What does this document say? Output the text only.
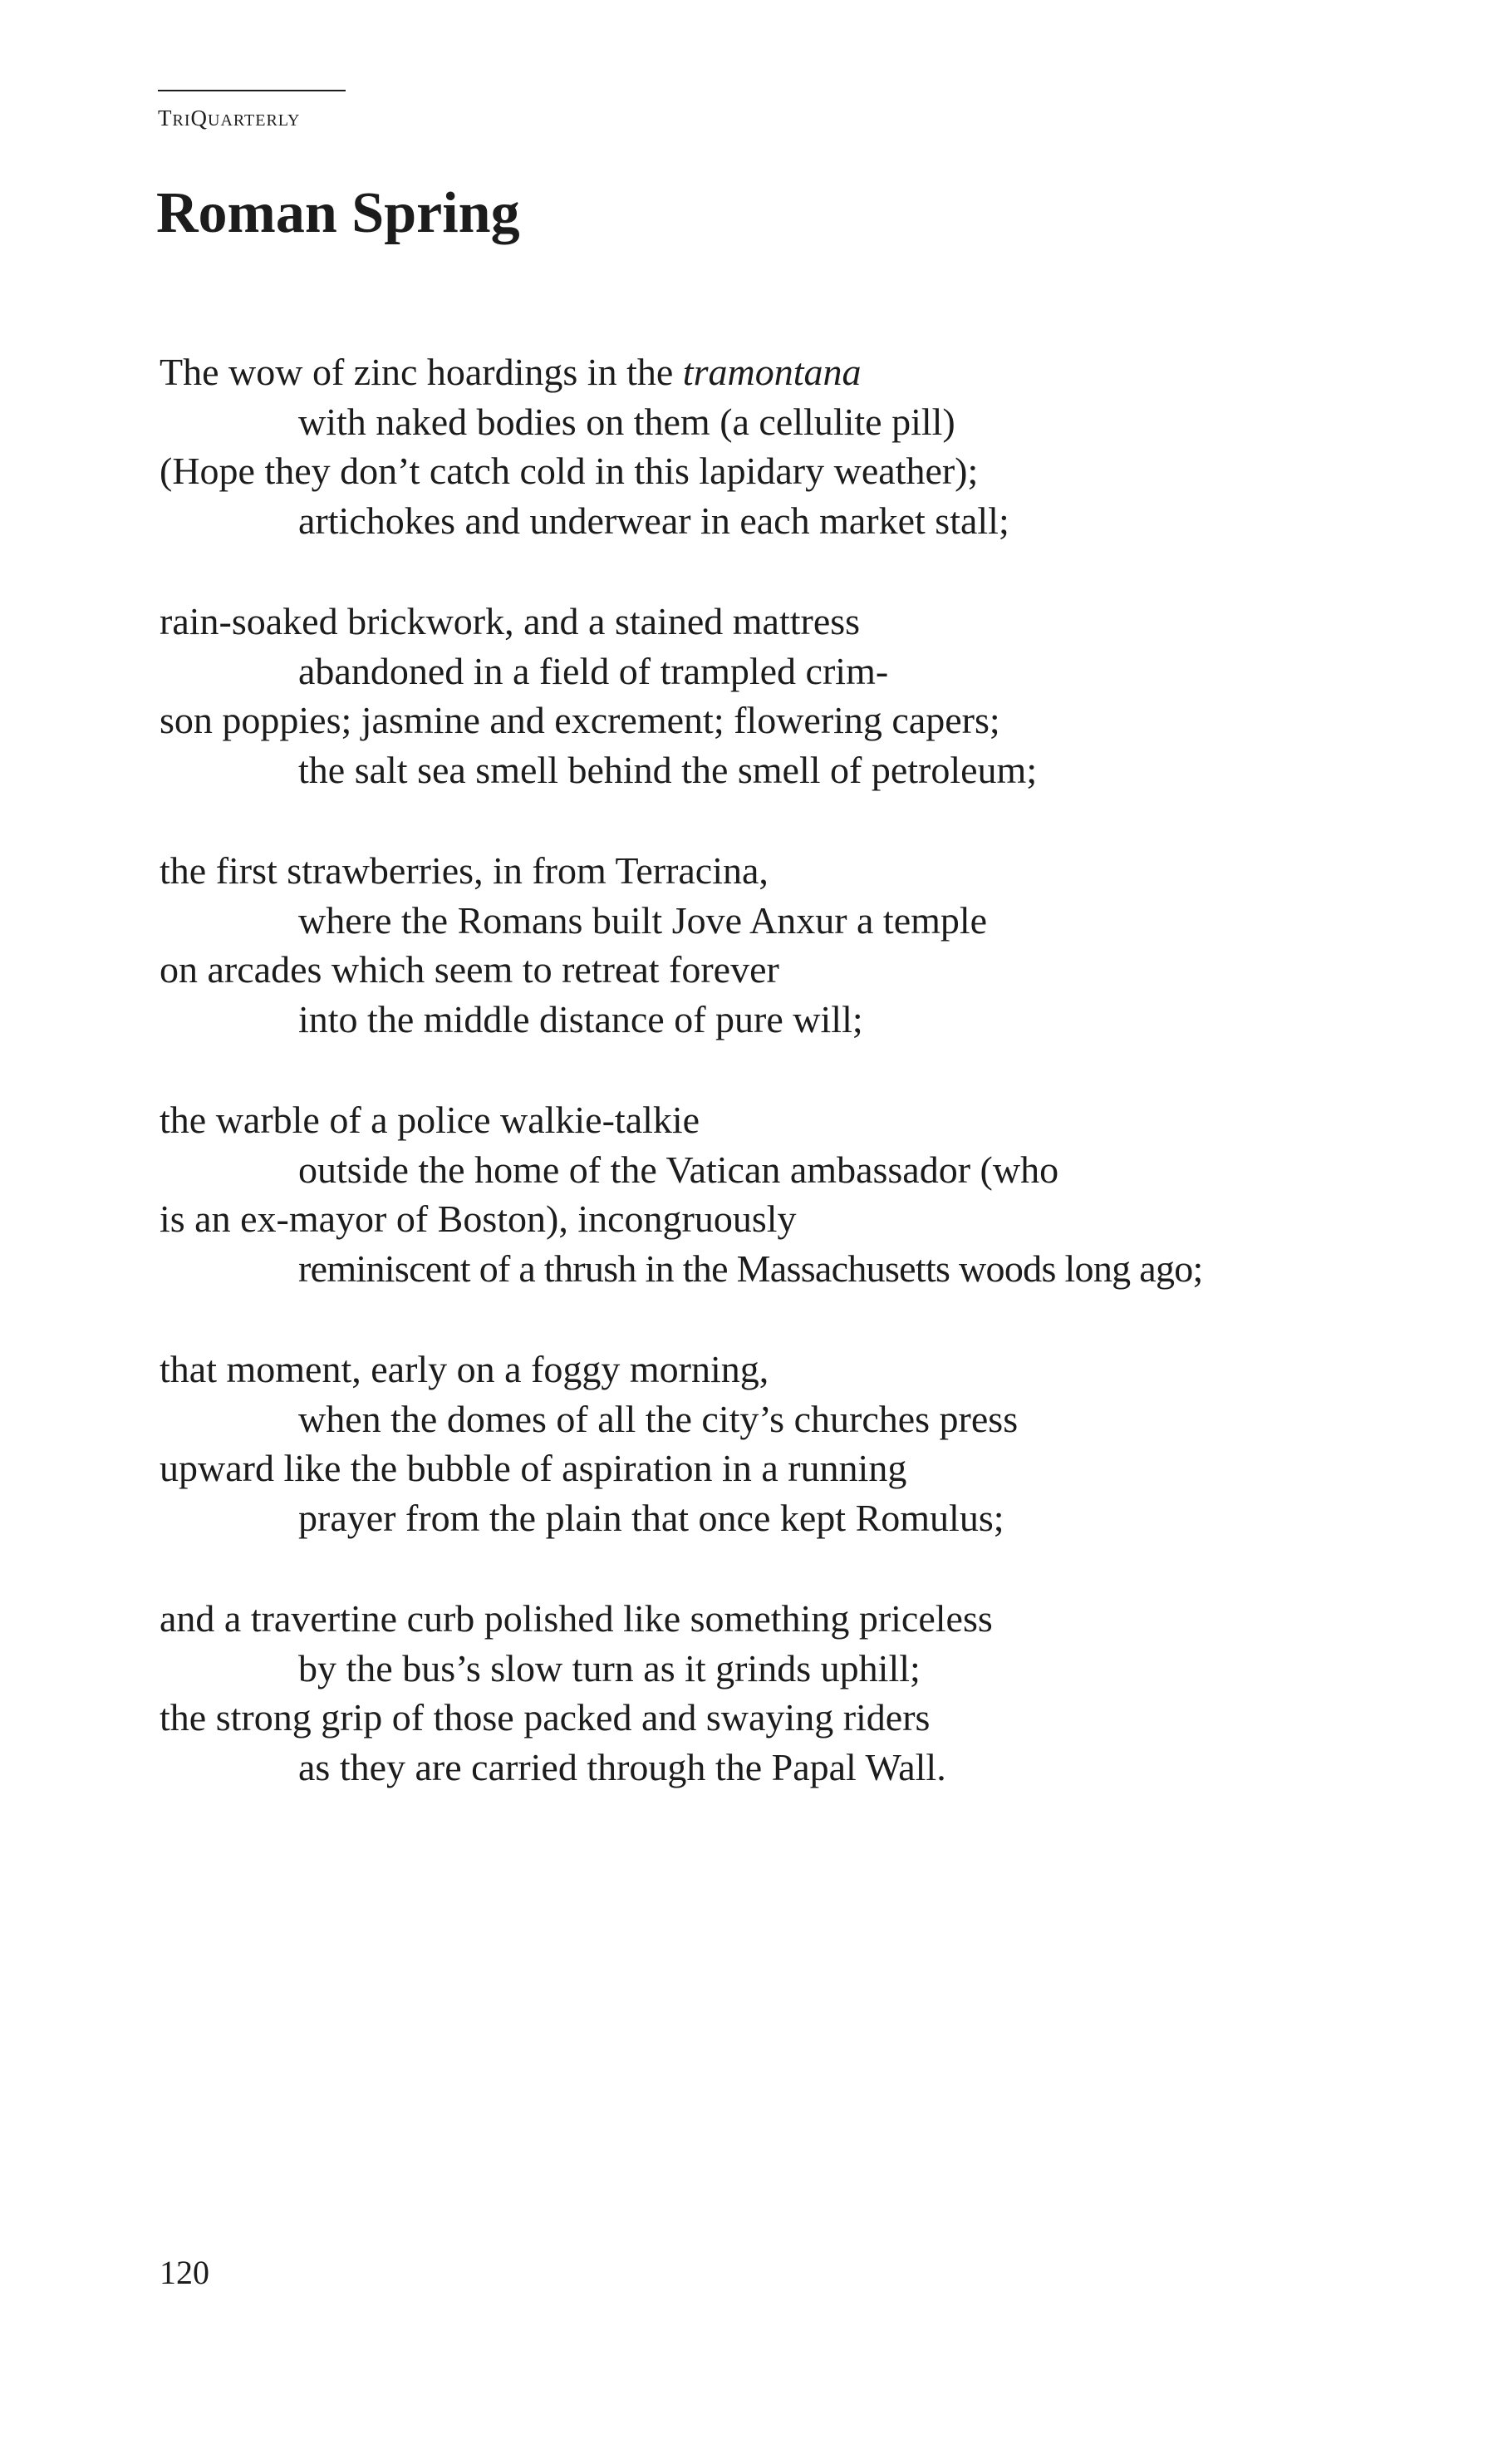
TRIQUARTERLY
Roman Spring
The wow of zinc hoardings in the tramontana
with naked bodies on them (a cellulite pill)
(Hope they don’t catch cold in this lapidary weather);
artichokes and underwear in each market stall;
rain-soaked brickwork, and a stained mattress
abandoned in a field of trampled crim-
son poppies; jasmine and excrement; flowering capers;
the salt sea smell behind the smell of petroleum;
the first strawberries, in from Terracina,
where the Romans built Jove Anxur a temple
on arcades which seem to retreat forever
into the middle distance of pure will;
the warble of a police walkie-talkie
outside the home of the Vatican ambassador (who
is an ex-mayor of Boston), incongruously
reminiscent of a thrush in the Massachusetts woods long ago;
that moment, early on a foggy morning,
when the domes of all the city’s churches press
upward like the bubble of aspiration in a running
prayer from the plain that once kept Romulus;
and a travertine curb polished like something priceless
by the bus’s slow turn as it grinds uphill;
the strong grip of those packed and swaying riders
as they are carried through the Papal Wall.
120
